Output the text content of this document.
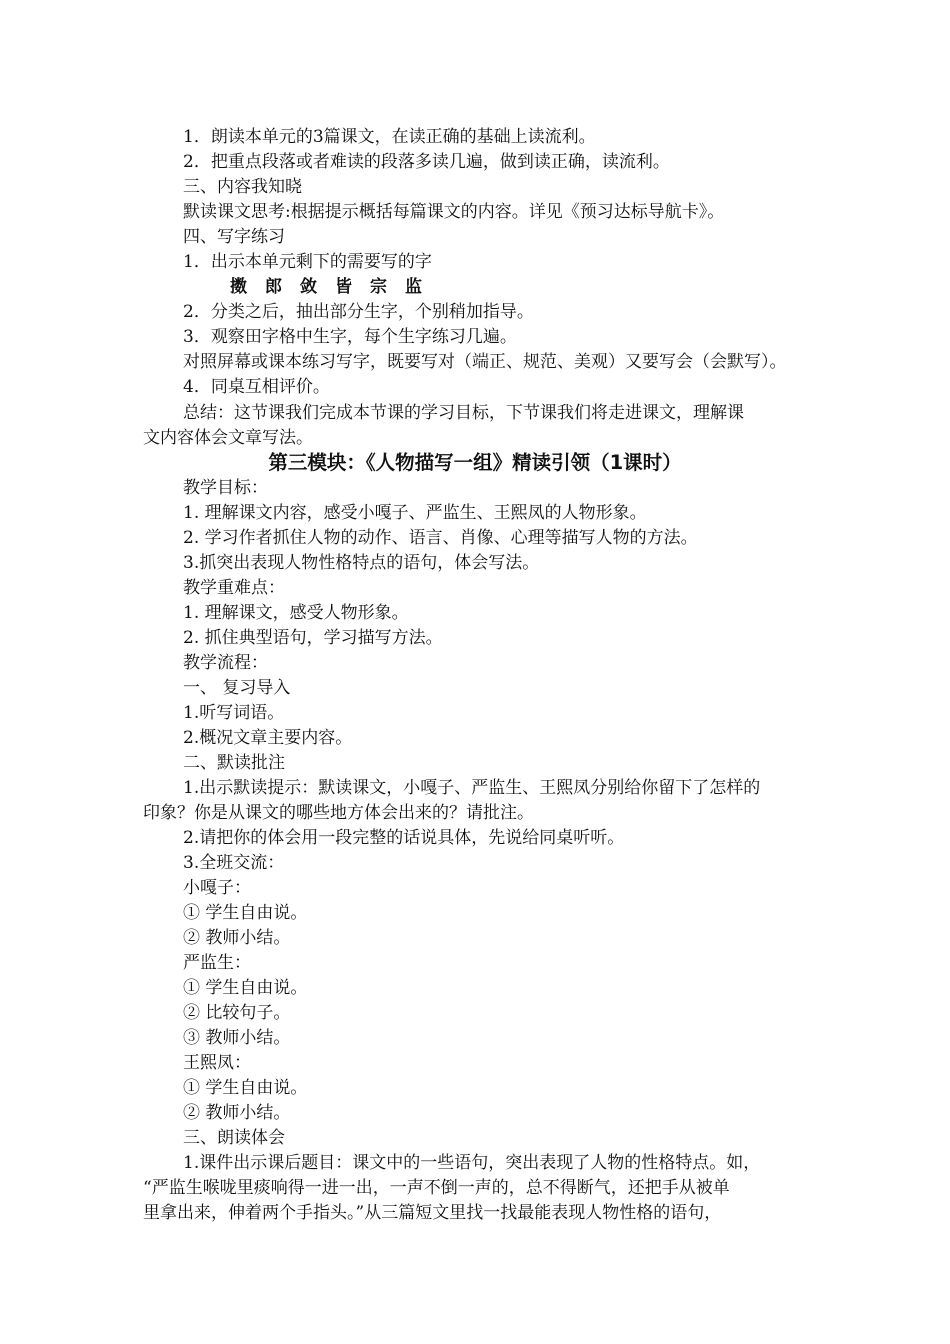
1．朗读本单元的3篇课文，在读正确的基础上读流利。
2．把重点段落或者难读的段落多读几遍，做到读正确，读流利。
三、内容我知晓
默读课文思考:根据提示概括每篇课文的内容。详见《预习达标导航卡》。
四、写字练习
1．出示本单元剩下的需要写的字
擞 郎 敛 皆 宗 监
2．分类之后，抽出部分生字，个别稍加指导。
3．观察田字格中生字，每个生字练习几遍。
对照屏幕或课本练习写字，既要写对（端正、规范、美观）又要写会（会默写）。
4．同桌互相评价。
总结：这节课我们完成本节课的学习目标，下节课我们将走进课文，理解课
文内容体会文章写法。
第三模块：《人物描写一组》精读引领（1课时）
教学目标：
1. 理解课文内容，感受小嘎子、严监生、王熙凤的人物形象。
2. 学习作者抓住人物的动作、语言、肖像、心理等描写人物的方法。
3.抓突出表现人物性格特点的语句，体会写法。
教学重难点：
1. 理解课文，感受人物形象。
2. 抓住典型语句，学习描写方法。
教学流程：
一、 复习导入
1.听写词语。
2.概况文章主要内容。
二、默读批注
1.出示默读提示：默读课文，小嘎子、严监生、王熙凤分别给你留下了怎样的
印象？你是从课文的哪些地方体会出来的？请批注。
2.请把你的体会用一段完整的话说具体，先说给同桌听听。
3.全班交流：
小嘎子：
① 学生自由说。
② 教师小结。
严监生：
① 学生自由说。
② 比较句子。
③ 教师小结。
王熙凤：
① 学生自由说。
② 教师小结。
三、朗读体会
1.课件出示课后题目：课文中的一些语句，突出表现了人物的性格特点。如，
“严监生喉咙里痰响得一进一出，一声不倒一声的，总不得断气，还把手从被单
里拿出来，伸着两个手指头。”从三篇短文里找一找最能表现人物性格的语句，
